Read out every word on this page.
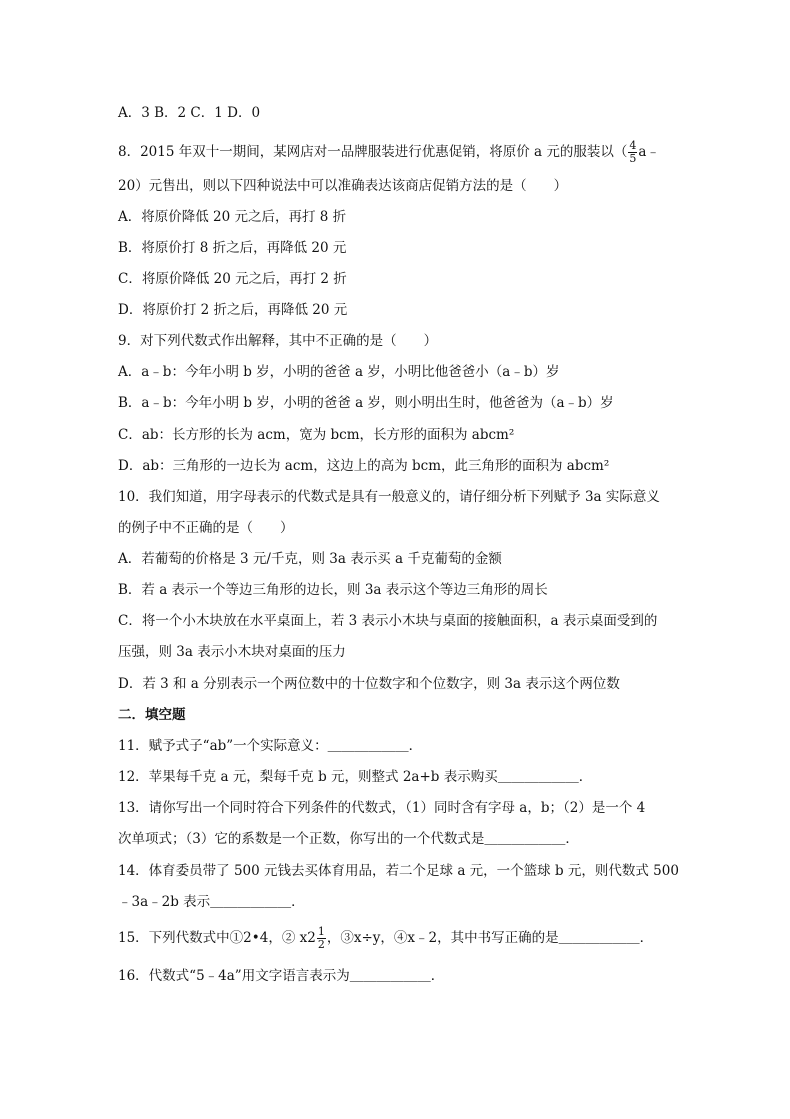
A．3 B．2 C．1 D．0
8．2015 年双十一期间，某网店对一品牌服装进行优惠促销，将原价 a 元的服装以（ $\frac{4}{5}$ a﹣
20）元售出，则以下四种说法中可以准确表达该商店促销方法的是（　　）
A．将原价降低 20 元之后，再打 8 折
B．将原价打 8 折之后，再降低 20 元
C．将原价降低 20 元之后，再打 2 折
D．将原价打 2 折之后，再降低 20 元
9．对下列代数式作出解释，其中不正确的是（　　）
A．a﹣b：今年小明 b 岁，小明的爸爸 a 岁，小明比他爸爸小（a﹣b）岁
B．a﹣b：今年小明 b 岁，小明的爸爸 a 岁，则小明出生时，他爸爸为（a﹣b）岁
C．ab：长方形的长为 acm，宽为 bcm，长方形的面积为 abcm²
D．ab：三角形的一边长为 acm，这边上的高为 bcm，此三角形的面积为 abcm²
10．我们知道，用字母表示的代数式是具有一般意义的，请仔细分析下列赋予 3a 实际意义
的例子中不正确的是（　　）
A．若葡萄的价格是 3 元/千克，则 3a 表示买 a 千克葡萄的金额
B．若 a 表示一个等边三角形的边长，则 3a 表示这个等边三角形的周长
C．将一个小木块放在水平桌面上，若 3 表示小木块与桌面的接触面积，a 表示桌面受到的
压强，则 3a 表示小木块对桌面的压力
D．若 3 和 a 分别表示一个两位数中的十位数字和个位数字，则 3a 表示这个两位数
二．填空题
11．赋予式子“ab”一个实际意义：＿＿＿＿＿＿．
12．苹果每千克 a 元，梨每千克 b 元，则整式 2a+b 表示购买＿＿＿＿＿＿．
13．请你写出一个同时符合下列条件的代数式，（1）同时含有字母 a，b；（2）是一个 4
次单项式；（3）它的系数是一个正数，你写出的一个代数式是＿＿＿＿＿＿．
14．体育委员带了 500 元钱去买体育用品，若二个足球 a 元，一个篮球 b 元，则代数式 500
﹣3a﹣2b 表示＿＿＿＿＿＿．
15．下列代数式中①2•4，② $x2 \frac{1}{2}$ ，③x÷y，④x﹣2，其中书写正确的是＿＿＿＿＿＿．
16．代数式“5﹣4a”用文字语言表示为＿＿＿＿＿＿．
